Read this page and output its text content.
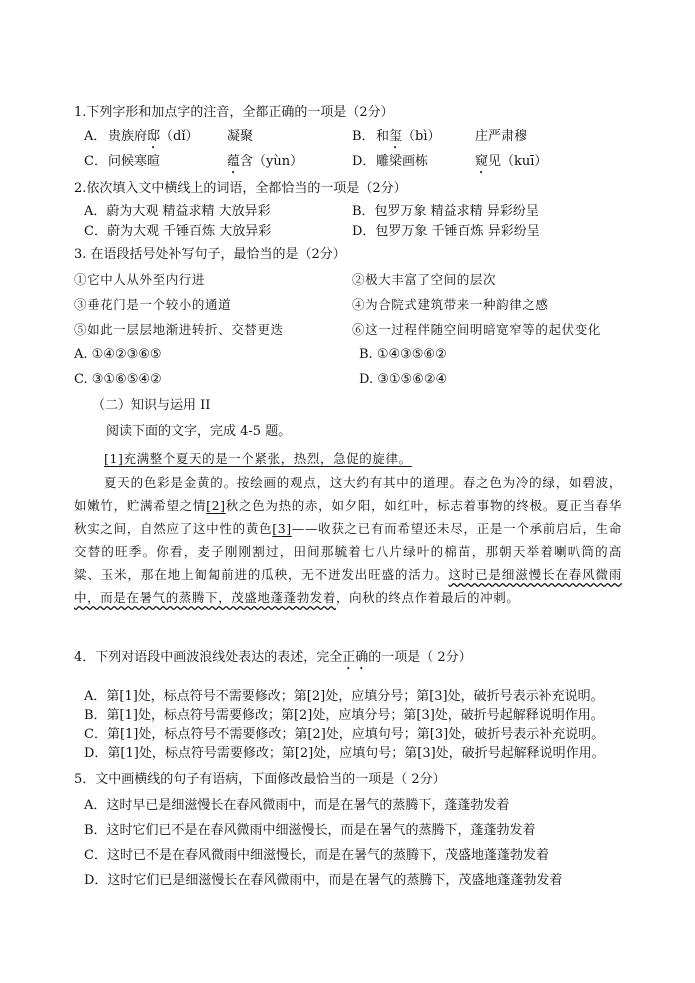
1.下列字形和加点字的注音，全都正确的一项是（2分）
A． 贵族府邸（dǐ） 凝聚	B． 和玺（bì）	庄严肃穆
C． 问候寒暄	蕴含（yùn）	D． 雕梁画栋	窥见（kuī）
2.依次填入文中横线上的词语，全都恰当的一项是（2分）
A．蔚为大观 精益求精 大放异彩	B．包罗万象 精益求精 异彩纷呈
C．蔚为大观 千锤百炼 大放异彩	D．包罗万象 千锤百炼 异彩纷呈
3. 在语段括号处补写句子，最恰当的是（2分）
①它中人从外至内行进	②极大丰富了空间的层次
③垂花门是一个较小的通道	④为合院式建筑带来一种韵律之感
⑤如此一层层地渐进转折、交替更迭	⑥这一过程伴随空间明暗宽窄等的起伏变化
A. ①④②③⑥⑤	B. ①④③⑤⑥②
C. ③①⑥⑤④②	D. ③①⑤⑥②④
（二）知识与运用 II
阅读下面的文字，完成 4-5 题。
[1]充满整个夏天的是一个紧张，热烈，急促的旋律。
夏天的色彩是金黄的。按绘画的观点，这大约有其中的道理。春之色为冷的绿，如碧波，如嫩竹，贮满希望之情[2]秋之色为热的赤，如夕阳，如红叶，标志着事物的终极。夏正当春华秋实之间，自然应了这中性的黄色[3]——收获之已有而希望还未尽，正是一个承前启后，生命交替的旺季。你看，麦子刚刚割过，田间那毓着七八片绿叶的棉苗，那朝天举着喇叭筒的高粱、玉米，那在地上匍匐前进的瓜秧，无不迸发出旺盛的活力。这时已是细滋慢长在春风微雨中，而是在暑气的蒸腾下，茂盛地蓬蓬勃发着，向秋的终点作着最后的冲刺。
4．下列对语段中画波浪线处表达的表述，完全正确的一项是（ 2分）
A．第[1]处，标点符号不需要修改；第[2]处，应填分号；第[3]处，破折号表示补充说明。
B．第[1]处，标点符号需要修改；第[2]处，应填分号；第[3]处，破折号起解释说明作用。
C．第[1]处，标点符号不需要修改；第[2]处，应填句号；第[3]处，破折号表示补充说明。
D．第[1]处，标点符号需要修改；第[2]处，应填句号；第[3]处，破折号起解释说明作用。
5．文中画横线的句子有语病，下面修改最恰当的一项是（ 2分）
A．这时早已是细滋慢长在春风微雨中，而是在暑气的蒸腾下，蓬蓬勃发着
B．这时它们已不是在春风微雨中细滋慢长，而是在暑气的蒸腾下，蓬蓬勃发着
C．这时已不是在春风微雨中细滋慢长，而是在暑气的蒸腾下，茂盛地蓬蓬勃发着
D．这时它们已是细滋慢长在春风微雨中，而是在暑气的蒸腾下，茂盛地蓬蓬勃发着
